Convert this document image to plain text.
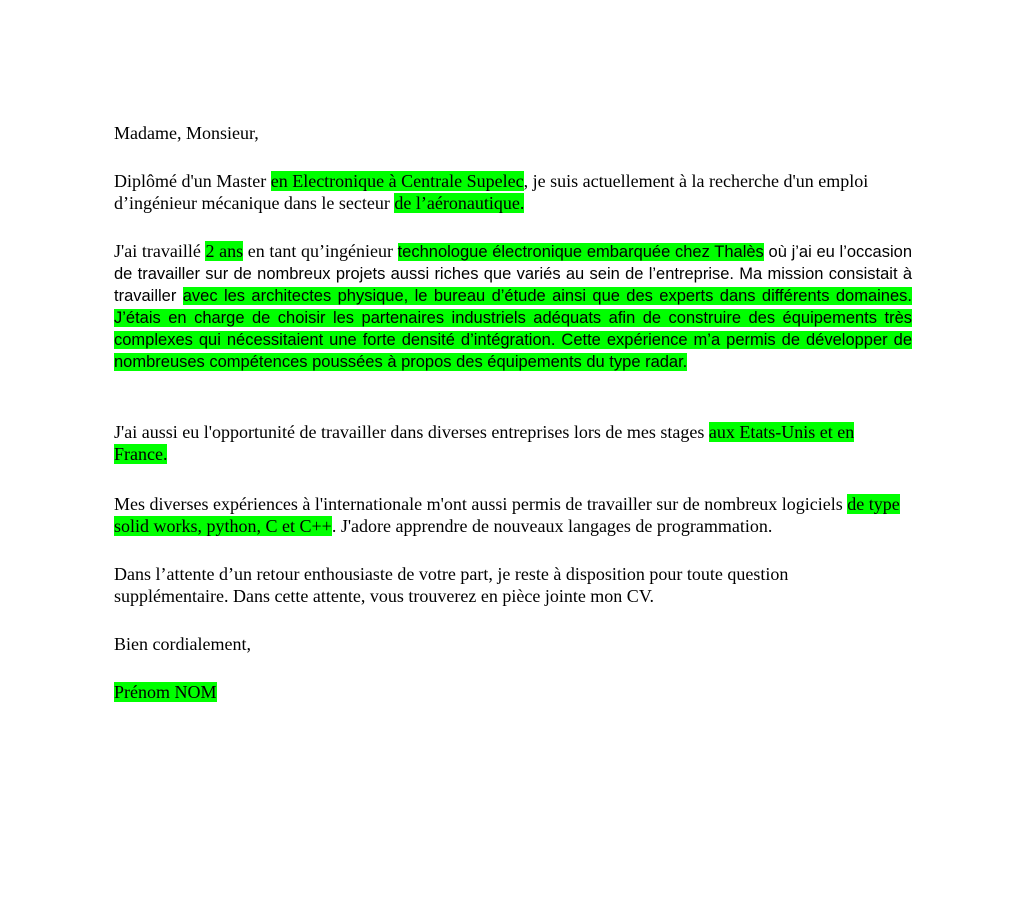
Madame, Monsieur,

Diplômé d'un Master en Electronique à Centrale Supelec, je suis actuellement à la recherche d'un emploi d’ingénieur mécanique dans le secteur de l’aéronautique.

J'ai travaillé 2 ans en tant qu’ingénieur technologue électronique embarquée chez Thalès où j’ai eu l’occasion de travailler sur de nombreux projets aussi riches que variés au sein de l’entreprise. Ma mission consistait à travailler avec les architectes physique, le bureau d’étude ainsi que des experts dans différents domaines. J’étais en charge de choisir les partenaires industriels adéquats afin de construire des équipements très complexes qui nécessitaient une forte densité d’intégration. Cette expérience m’a permis de développer de nombreuses compétences poussées à propos des équipements du type radar.

J'ai aussi eu l'opportunité de travailler dans diverses entreprises lors de mes stages aux Etats-Unis et en France.

Mes diverses expériences à l'internationale m'ont aussi permis de travailler sur de nombreux logiciels de type solid works, python, C et C++. J'adore apprendre de nouveaux langages de programmation.

Dans l’attente d’un retour enthousiaste de votre part, je reste à disposition pour toute question supplémentaire. Dans cette attente, vous trouverez en pièce jointe mon CV.

Bien cordialement,

Prénom NOM
